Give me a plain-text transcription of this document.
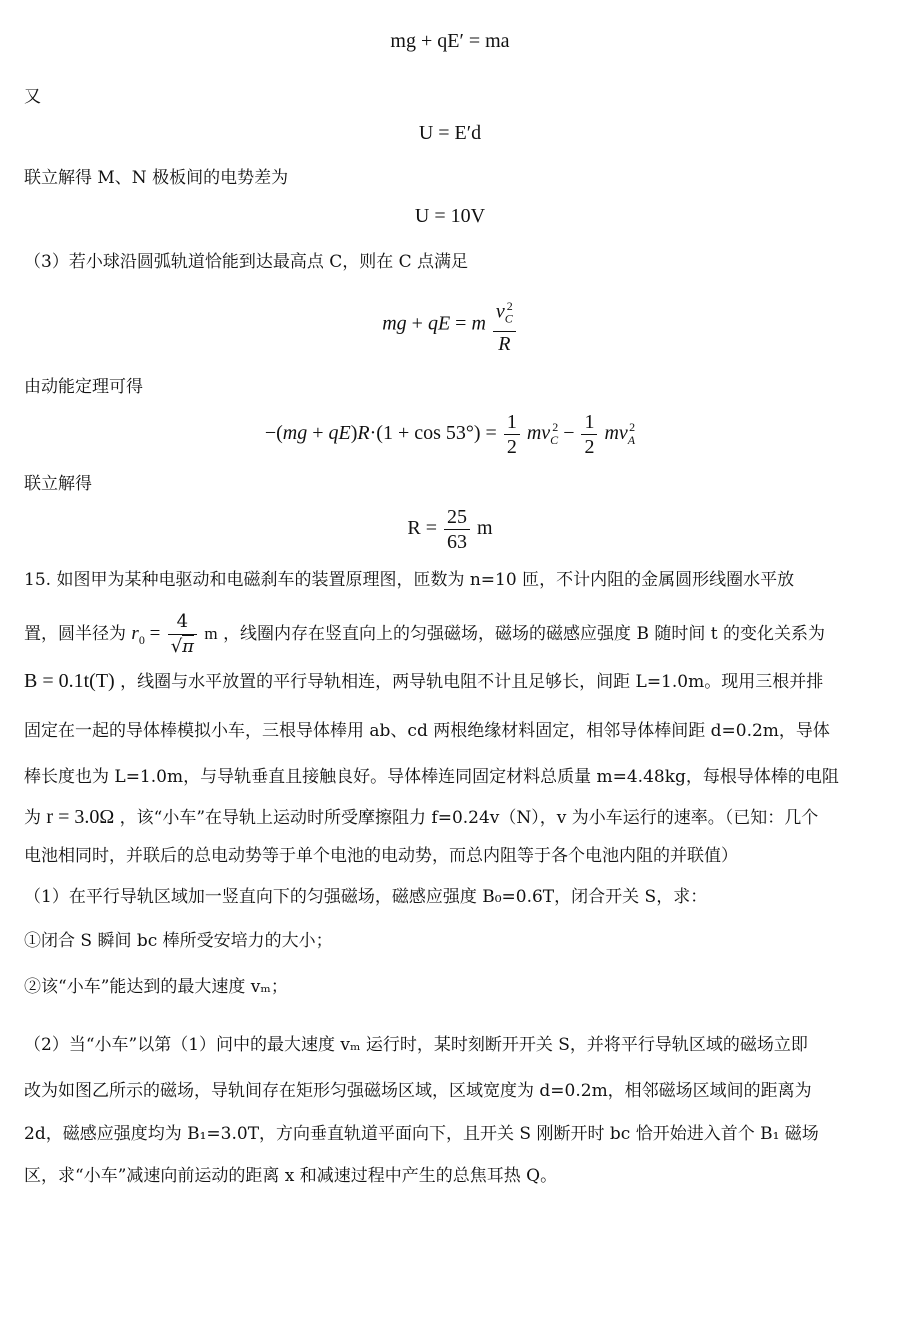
mg + qE′ = ma
又
U = E′d
联立解得 M、N 极板间的电势差为
U = 10V
（3）若小球沿圆弧轨道恰能到达最高点 C，则在 C 点满足
mg + qE = m $\frac{v_C^2}{R}$
由动能定理可得
$-(mg + qE)R\cdot(1 + \cos 53^\circ) = \frac{1}{2} mv_C^2 - \frac{1}{2} mv_A^2$
联立解得
$R = \frac{25}{63}$ m
15. 如图甲为某种电驱动和电磁刹车的装置原理图，匝数为 n=10 匝，不计内阻的金属圆形线圈水平放
置，圆半径为 $r_0 = \frac{4}{√\pi}$ m ，线圈内存在竖直向上的匀强磁场，磁场的磁感应强度 B 随时间 t 的变化关系为
B = 0.1t(T) ，线圈与水平放置的平行导轨相连，两导轨电阻不计且足够长，间距 L=1.0m。现用三根并排
固定在一起的导体棒模拟小车，三根导体棒用 ab、cd 两根绝缘材料固定，相邻导体棒间距 d=0.2m，导体
棒长度也为 L=1.0m，与导轨垂直且接触良好。导体棒连同固定材料总质量 m=4.48kg，每根导体棒的电阻
为 r = 3.0Ω ，该“小车”在导轨上运动时所受摩擦阻力 f=0.24v（N），v 为小车运行的速率。（已知：几个
电池相同时，并联后的总电动势等于单个电池的电动势，而总内阻等于各个电池内阻的并联值）
（1）在平行导轨区域加一竖直向下的匀强磁场，磁感应强度 B₀=0.6T，闭合开关 S，求：
①闭合 S 瞬间 bc 棒所受安培力的大小；
②该“小车”能达到的最大速度 vₘ；
（2）当“小车”以第（1）问中的最大速度 vₘ 运行时，某时刻断开开关 S，并将平行导轨区域的磁场立即
改为如图乙所示的磁场，导轨间存在矩形匀强磁场区域，区域宽度为 d=0.2m，相邻磁场区域间的距离为
2d，磁感应强度均为 B₁=3.0T，方向垂直轨道平面向下，且开关 S 刚断开时 bc 恰开始进入首个 B₁ 磁场
区，求“小车”减速向前运动的距离 x 和减速过程中产生的总焦耳热 Q。
